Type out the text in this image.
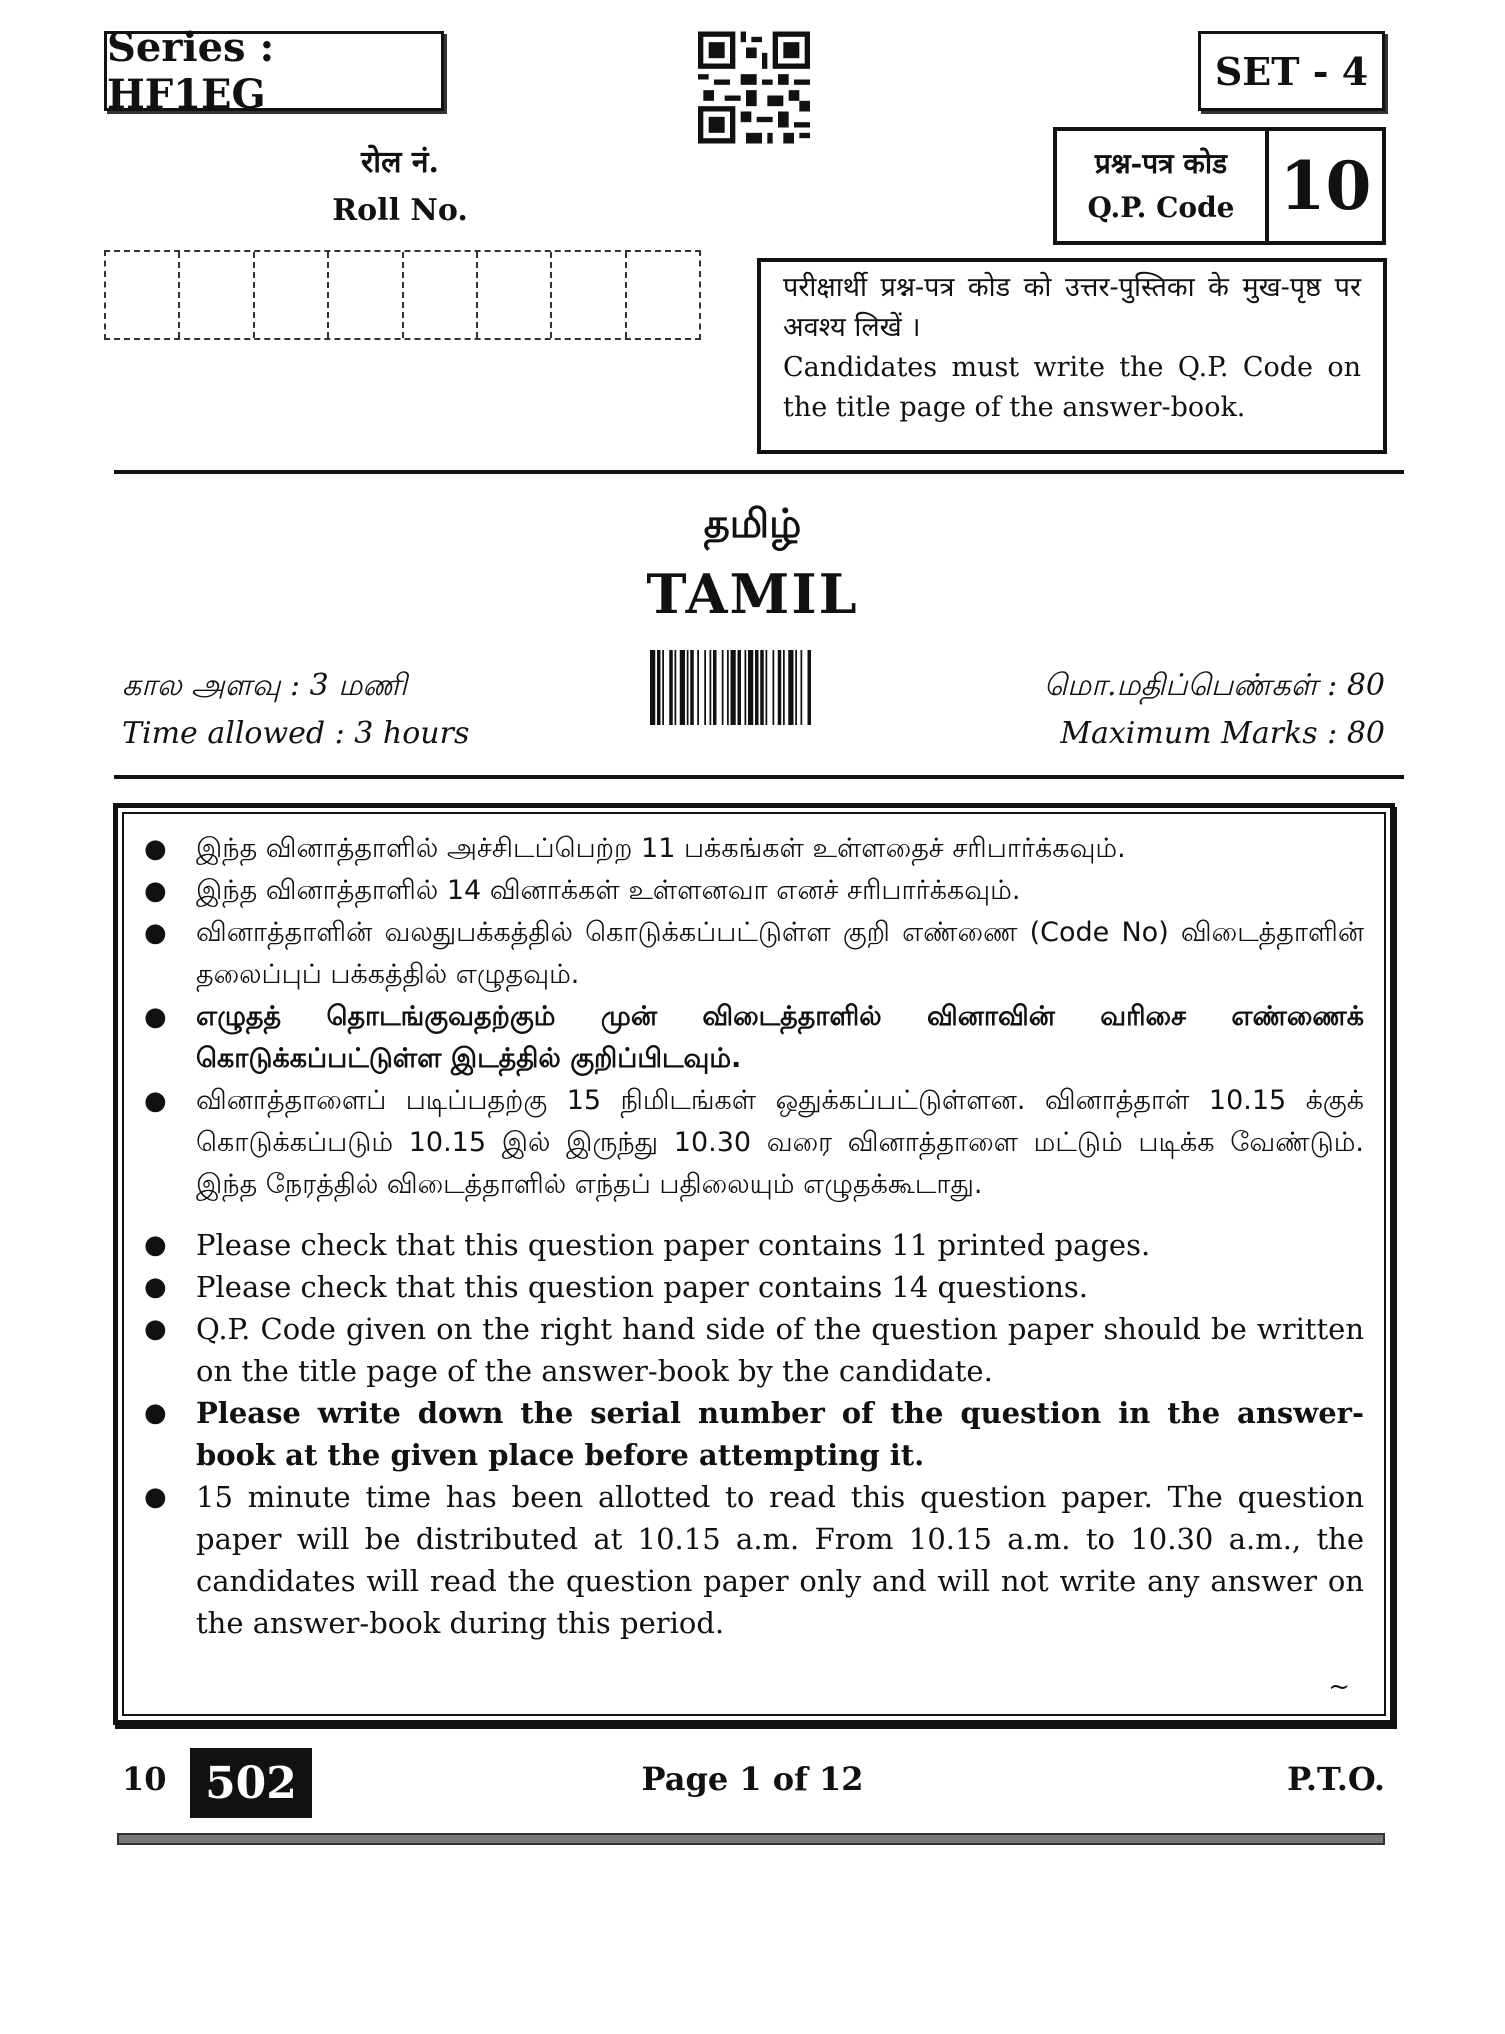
Series : HF1EG	SET - 4
रोल नं.
Roll No.
प्रश्न-पत्र कोड
Q.P. Code 10
परीक्षार्थी प्रश्न-पत्र कोड को उत्तर-पुस्तिका के मुख-पृष्ठ पर अवश्य लिखें ।
Candidates must write the Q.P. Code on the title page of the answer-book.
தமிழ்
TAMIL
கால அளவு : 3 மணி
Time allowed : 3 hours
மொ.மதிப்பெண்கள் : 80
Maximum Marks : 80
●	இந்த வினாத்தாளில் அச்சிடப்பெற்ற 11 பக்கங்கள் உள்ளதைச் சரிபார்க்கவும்.
●	இந்த வினாத்தாளில் 14 வினாக்கள் உள்ளனவா எனச் சரிபார்க்கவும்.
●	வினாத்தாளின் வலதுபக்கத்தில் கொடுக்கப்பட்டுள்ள குறி எண்ணை (Code No) விடைத்தாளின் தலைப்புப் பக்கத்தில் எழுதவும்.
●	எழுதத் தொடங்குவதற்கும் முன் விடைத்தாளில் வினாவின் வரிசை எண்ணைக் கொடுக்கப்பட்டுள்ள இடத்தில் குறிப்பிடவும்.
●	வினாத்தாளைப் படிப்பதற்கு 15 நிமிடங்கள் ஒதுக்கப்பட்டுள்ளன. வினாத்தாள் 10.15 க்குக் கொடுக்கப்படும் 10.15 இல் இருந்து 10.30 வரை வினாத்தாளை மட்டும் படிக்க வேண்டும். இந்த நேரத்தில் விடைத்தாளில் எந்தப் பதிலையும் எழுதக்கூடாது.
●	Please check that this question paper contains 11 printed pages.
●	Please check that this question paper contains 14 questions.
●	Q.P. Code given on the right hand side of the question paper should be written on the title page of the answer-book by the candidate.
●	Please write down the serial number of the question in the answer-book at the given place before attempting it.
●	15 minute time has been allotted to read this question paper. The question paper will be distributed at 10.15 a.m. From 10.15 a.m. to 10.30 a.m., the candidates will read the question paper only and will not write any answer on the answer-book during this period.
~
10 502	Page 1 of 12	P.T.O.
